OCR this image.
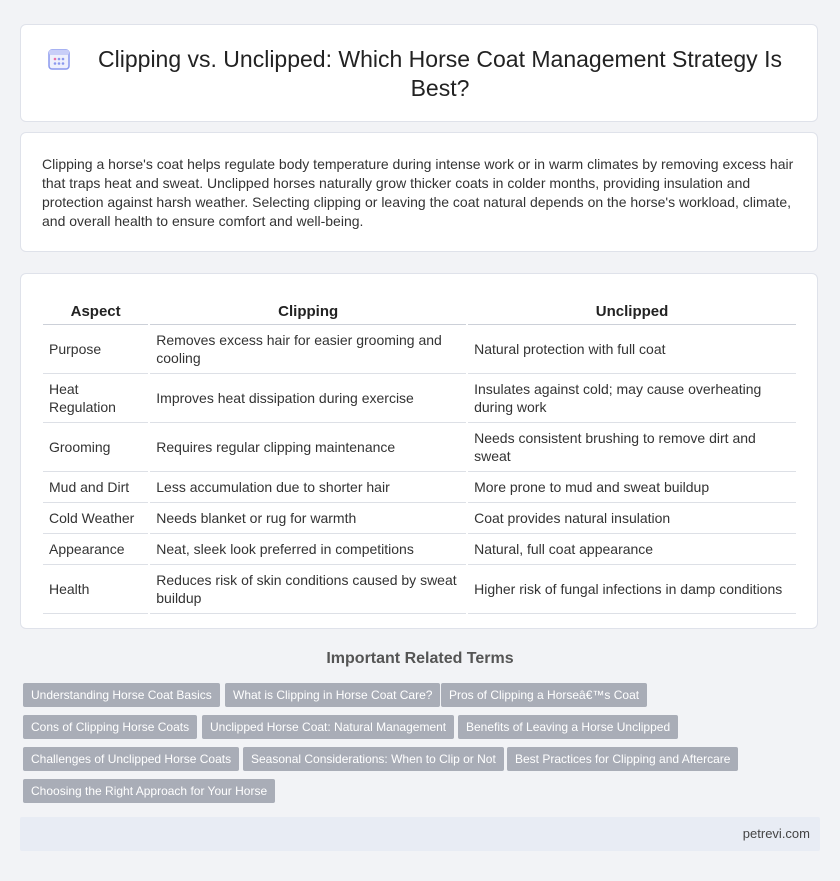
Clipping vs. Unclipped: Which Horse Coat Management Strategy Is Best?

Clipping a horse's coat helps regulate body temperature during intense work or in warm climates by removing excess hair that traps heat and sweat. Unclipped horses naturally grow thicker coats in colder months, providing insulation and protection against harsh weather. Selecting clipping or leaving the coat natural depends on the horse's workload, climate, and overall health to ensure comfort and well-being.

Aspect	Clipping	Unclipped
Purpose	Removes excess hair for easier grooming and cooling	Natural protection with full coat
Heat Regulation	Improves heat dissipation during exercise	Insulates against cold; may cause overheating during work
Grooming	Requires regular clipping maintenance	Needs consistent brushing to remove dirt and sweat
Mud and Dirt	Less accumulation due to shorter hair	More prone to mud and sweat buildup
Cold Weather	Needs blanket or rug for warmth	Coat provides natural insulation
Appearance	Neat, sleek look preferred in competitions	Natural, full coat appearance
Health	Reduces risk of skin conditions caused by sweat buildup	Higher risk of fungal infections in damp conditions
Important Related Terms
Understanding Horse Coat Basics	What is Clipping in Horse Coat Care?	Pros of Clipping a Horseâ€™s Coat
Cons of Clipping Horse Coats	Unclipped Horse Coat: Natural Management	Benefits of Leaving a Horse Unclipped
Challenges of Unclipped Horse Coats	Seasonal Considerations: When to Clip or Not	Best Practices for Clipping and Aftercare
Choosing the Right Approach for Your Horse
petrevi.com
